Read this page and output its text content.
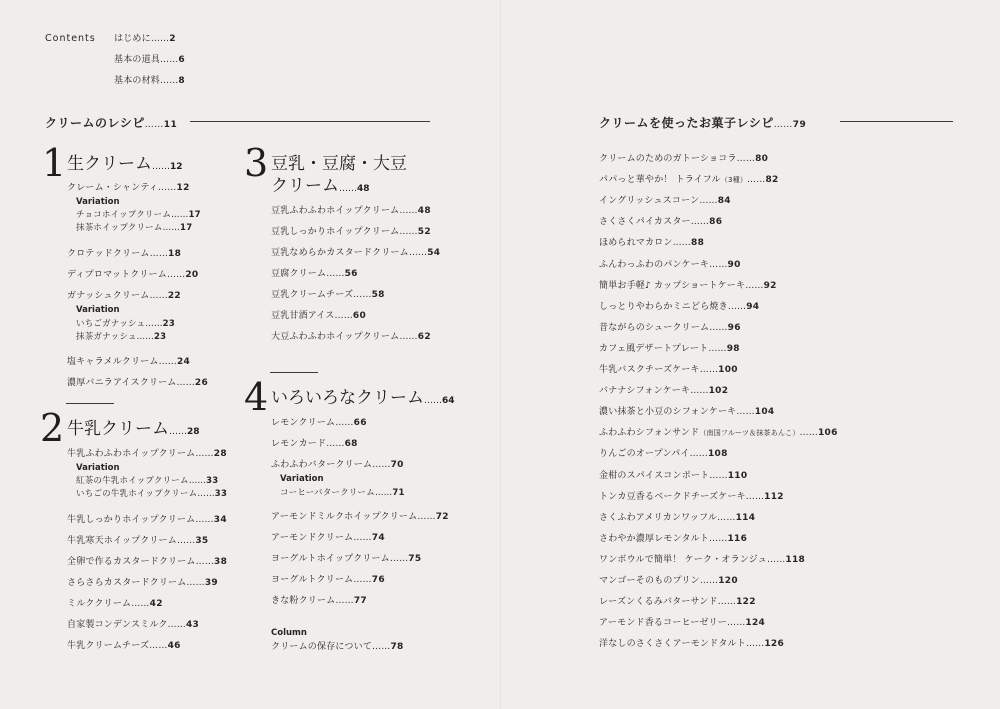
Contents はじめに……2
基本の道具……6
基本の材料……8
クリームのレシピ……11
1 生クリーム……12
クレーム・シャンティ……12
Variation
チョコホイップクリーム……17
抹茶ホイップクリーム……17
クロテッドクリーム……18
ディプロマットクリーム……20
ガナッシュクリーム……22
Variation
いちごガナッシュ……23
抹茶ガナッシュ……23
塩キャラメルクリーム……24
濃厚バニラアイスクリーム……26
2 牛乳クリーム……28
牛乳ふわふわホイップクリーム……28
Variation
紅茶の牛乳ホイップクリーム……33
いちごの牛乳ホイップクリーム……33
牛乳しっかりホイップクリーム……34
牛乳寒天ホイップクリーム……35
全卵で作るカスタードクリーム……38
さらさらカスタードクリーム……39
ミルククリーム……42
自家製コンデンスミルク……43
牛乳クリームチーズ……46
3 豆乳・豆腐・大豆
クリーム……48
豆乳ふわふわホイップクリーム……48
豆乳しっかりホイップクリーム……52
豆乳なめらかカスタードクリーム……54
豆腐クリーム……56
豆乳クリームチーズ……58
豆乳甘酒アイス……60
大豆ふわふわホイップクリーム……62
4 いろいろなクリーム……64
レモンクリーム……66
レモンカード……68
ふわふわバタークリーム……70
Variation
コーヒーバタークリーム……71
アーモンドミルクホイップクリーム……72
アーモンドクリーム……74
ヨーグルトホイップクリーム……75
ヨーグルトクリーム……76
きな粉クリーム……77
Column
クリームの保存について……78
クリームを使ったお菓子レシピ……79
クリームのためのガトーショコラ……80
パパっと華やか！ トライフル（3種）……82
イングリッシュスコーン……84
さくさくパイカスター……86
ほめられマカロン……88
ふんわっふわのパンケーキ……90
簡単お手軽♪ カップショートケーキ……92
しっとりやわらかミニどら焼き……94
昔ながらのシュークリーム……96
カフェ風デザートプレート……98
牛乳バスクチーズケーキ……100
バナナシフォンケーキ……102
濃い抹茶と小豆のシフォンケーキ……104
ふわふわシフォンサンド（南国フルーツ＆抹茶あんこ）……106
りんごのオープンパイ……108
金柑のスパイスコンポート……110
トンカ豆香るベークドチーズケーキ……112
さくふわアメリカンワッフル……114
さわやか濃厚レモンタルト……116
ワンボウルで簡単！ ケーク・オランジュ……118
マンゴーそのものプリン……120
レーズンくるみバターサンド……122
アーモンド香るコーヒーゼリー……124
洋なしのさくさくアーモンドタルト……126
